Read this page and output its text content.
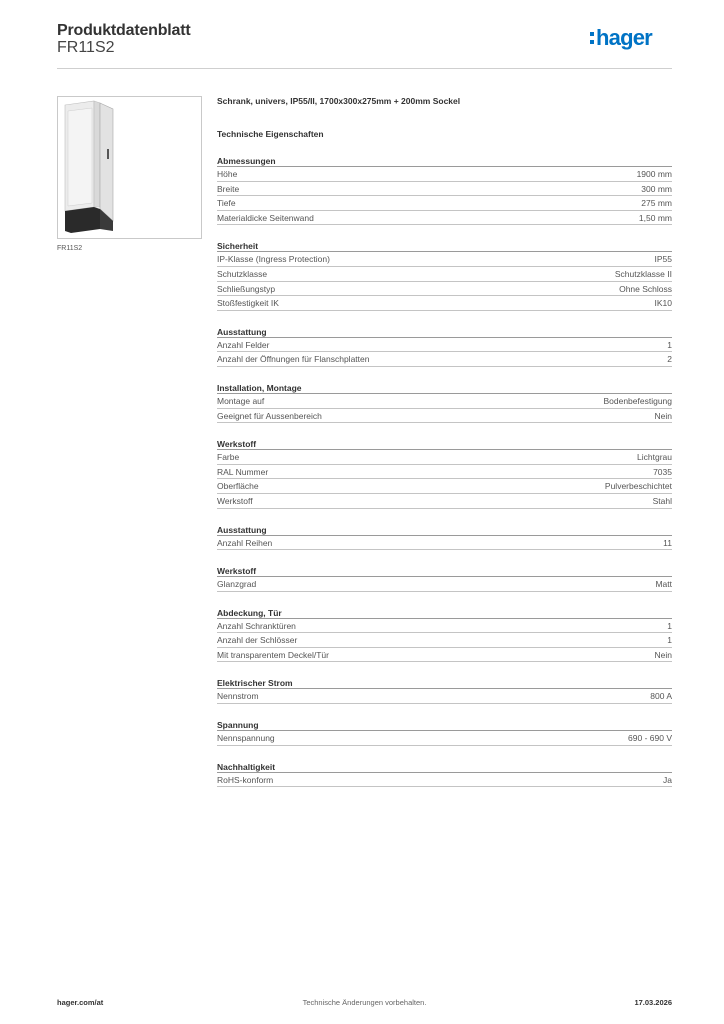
Produktdatenblatt
FR11S2	hager
FR11S2
Schrank, univers, IP55/II, 1700x300x275mm + 200mm Sockel
Technische Eigenschaften
Abmessungen
Höhe	1900 mm
Breite	300 mm
Tiefe	275 mm
Materialdicke Seitenwand	1,50 mm
Sicherheit
IP-Klasse (Ingress Protection)	IP55
Schutzklasse	Schutzklasse II
Schließungstyp	Ohne Schloss
Stoßfestigkeit IK	IK10
Ausstattung
Anzahl Felder	1
Anzahl der Öffnungen für Flanschplatten	2
Installation, Montage
Montage auf	Bodenbefestigung
Geeignet für Aussenbereich	Nein
Werkstoff
Farbe	Lichtgrau
RAL Nummer	7035
Oberfläche	Pulverbeschichtet
Werkstoff	Stahl
Ausstattung
Anzahl Reihen	11
Werkstoff
Glanzgrad	Matt
Abdeckung, Tür
Anzahl Schranktüren	1
Anzahl der Schlösser	1
Mit transparentem Deckel/Tür	Nein
Elektrischer Strom
Nennstrom	800 A
Spannung
Nennspannung	690 - 690 V
Nachhaltigkeit
RoHS-konform	Ja
hager.com/at	Technische Änderungen vorbehalten.	17.03.2026
